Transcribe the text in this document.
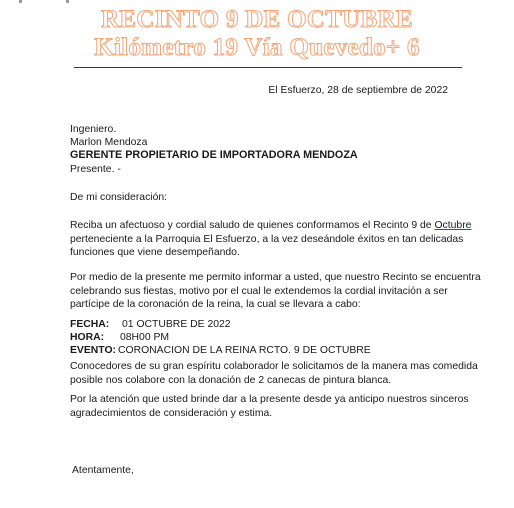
RECINTO 9 DE OCTUBRE
Kilómetro 19 Vía Quevedo+ 6
El Esfuerzo, 28 de septiembre de 2022
Ingeniero.
Marlon Mendoza
GERENTE PROPIETARIO DE IMPORTADORA MENDOZA
Presente. -
De mi consideración:
Reciba un afectuoso y cordial saludo de quienes conformamos el Recinto 9 de Octubre
perteneciente a la Parroquia El Esfuerzo, a la vez deseándole éxitos en tan delicadas
funciones que viene desempeñando.
Por medio de la presente me permito informar a usted, que nuestro Recinto se encuentra
celebrando sus fiestas, motivo por el cual le extendemos la cordial invitación a ser
partícipe de la coronación de la reina, la cual se llevara a cabo:
FECHA: 01 OCTUBRE DE 2022
HORA: 08H00 PM
EVENTO: CORONACION DE LA REINA RCTO. 9 DE OCTUBRE
Conocedores de su gran espíritu colaborador le solicitamos de la manera mas comedida
posible nos colabore con la donación de 2 canecas de pintura blanca.
Por la atención que usted brinde dar a la presente desde ya anticipo nuestros sinceros
agradecimientos de consideración y estima.
Atentamente,
